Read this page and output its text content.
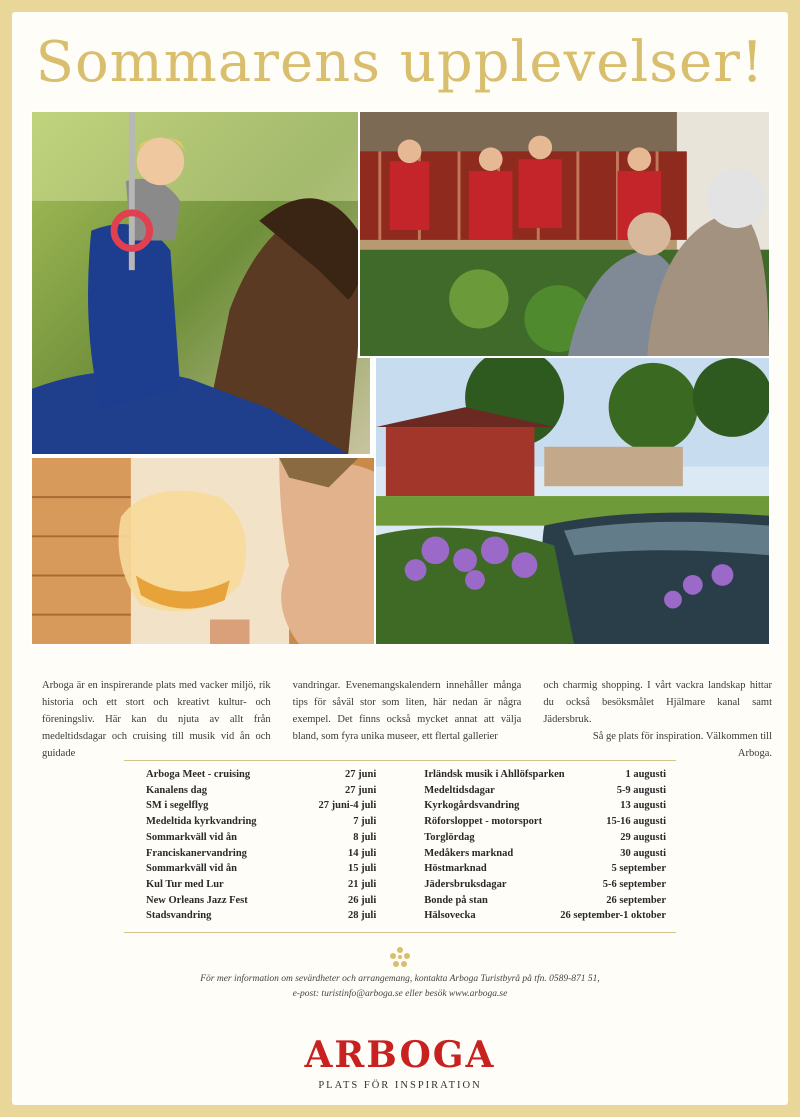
Sommarens upplevelser!

Arboga är en inspirerande plats med vacker miljö, rik historia och ett stort och kreativt kultur- och föreningsliv. Här kan du njuta av allt från medeltidsdagar och cruising till musik vid ån och guidade

vandringar. Evenemangskalendern innehåller många tips för såväl stor som liten, här nedan är några exempel. Det finns också mycket annat att välja bland, som fyra unika museer, ett flertal gallerier

och charmig shopping. I vårt vackra landskap hittar du också besöksmålet Hjälmare kanal samt Jädersbruk.

Så ge plats för inspiration. Välkommen till Arboga.

Arboga Meet - cruising	27 juni
Kanalens dag	27 juni
SM i segelflyg	27 juni-4 juli
Medeltida kyrkvandring	7 juli
Sommarkväll vid ån	8 juli
Franciskanervandring	14 juli
Sommarkväll vid ån	15 juli
Kul Tur med Lur	21 juli
New Orleans Jazz Fest	26 juli
Stadsvandring	28 juli
Irländsk musik i Ahllöfsparken	1 augusti
Medeltidsdagar	5-9 augusti
Kyrkogårdsvandring	13 augusti
Röforsloppet - motorsport	15-16 augusti
Torglördag	29 augusti
Medåkers marknad	30 augusti
Höstmarknad	5 september
Jädersbruksdagar	5-6 september
Bonde på stan	26 september
Hälsovecka	26 september-1 oktober
För mer information om sevärdheter och arrangemang, kontakta Arboga Turistbyrå på tfn. 0589-871 51,
e-post: turistinfo@arboga.se eller besök www.arboga.se
ARBOGA
PLATS FÖR INSPIRATION
